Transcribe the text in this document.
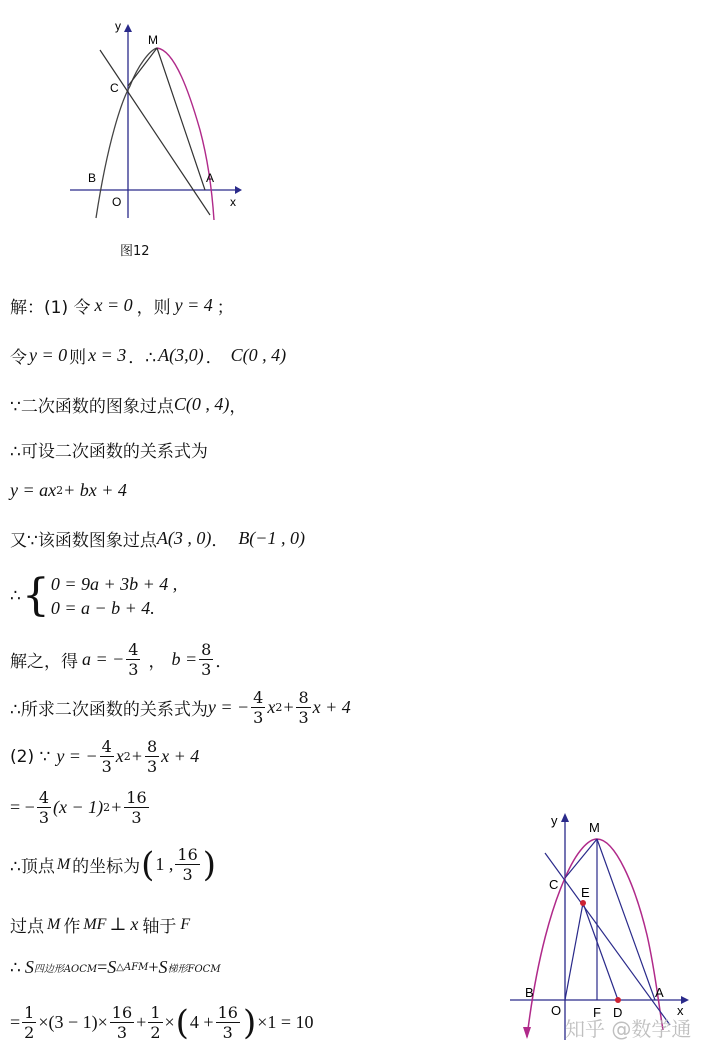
y
M
C
B	A
O	x
图12
解：(1) 令 x = 0 ，则 y = 4 ；
令 y = 0 则 x = 3 ．∴ A(3,0) ． C(0 , 4)
∵二次函数的图象过点 C(0 , 4) ，
∴可设二次函数的关系式为
y = ax 2 + bx + 4
又∵该函数图象过点 A(3 , 0) ． B(−1 , 0)
∴ { 0 = 9a + 3b + 4 ,
0 = a − b + 4.
解之，得 a = − $\frac{4}{3}$ ， $b = \frac{8}{3}$ ．
∴所求二次函数的关系式为 y = − $\frac{4}{3}$ x $2 + \frac{8}{3}$ x + 4
(2) ∵ y = − $\frac{4}{3}$ x $2 + \frac{8}{3}$ x + 4
= − $\frac{4}{3} (x - 1) 2 + \frac{16}{3}$
∴顶点 M 的坐标为 ( 1 , $\frac{16}{3}$ )
过点 M 作 MF ⊥ x 轴于 F
∴ S 四边形AOCM = S △AFM + S 梯形FOCM
= $\frac{1}{2} \times(3 - 1)\times \frac{16}{3} + \frac{1}{2}$ × ( $4 + \frac{16}{3}$ ) ×1 = 10
y M
C
E
B	A
O F D	x
知乎 @数学通
